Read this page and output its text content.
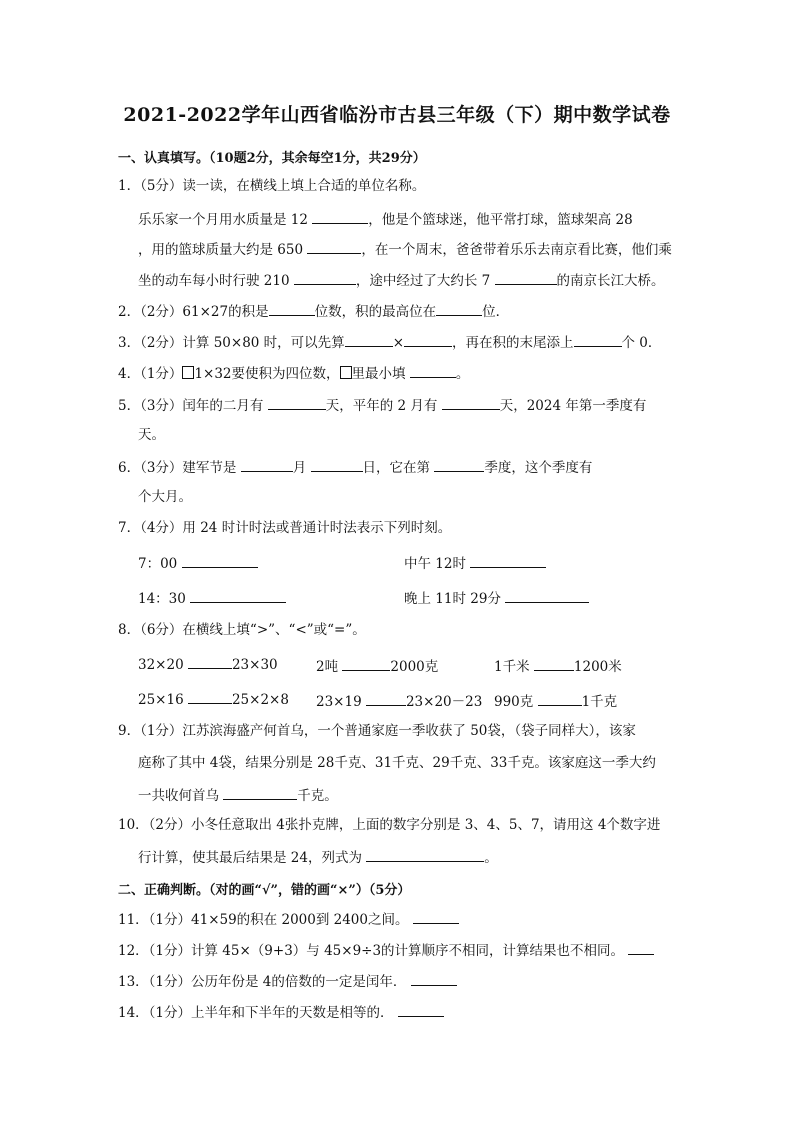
2021-2022学年山西省临汾市古县三年级（下）期中数学试卷
一、认真填写。（10题2分，其余每空1分，共29分）
1．（5分）读一读，在横线上填上合适的单位名称。
乐乐家一个月用水质量是 12	，他是个篮球迷，他平常打球，篮球架高 28
，用的篮球质量大约是 650	，在一个周末，爸爸带着乐乐去南京看比赛，他们乘
坐的动车每小时行驶 210	，途中经过了大约长 7	的南京长江大桥。
2．（2分）61×27的积是	位数，积的最高位在	位．
3．（2分）计算 50×80 时，可以先算	×	，再在积的末尾添上	个 0．
4．（1分） 1×32要使积为四位数， 里最小填	。
5．（3分）闰年的二月有	天，平年的 2 月有	天，2024 年第一季度有
天。
6．（3分）建军节是	月	日，它在第	季度，这个季度有
个大月。
7．（4分）用 24 时计时法或普通计时法表示下列时刻。
7：00	中午 12时
14：30	晚上 11时 29分
8．（6分）在横线上填“>”、“<”或“=”。
32×20	23×30	2吨	2000克	1千米	1200米
25×16	25×2×8 23×19	23×20－23 990克	1千克
9．（1分）江苏滨海盛产何首乌，一个普通家庭一季收获了 50袋，（袋子同样大），该家
庭称了其中 4袋，结果分别是 28千克、31千克、29千克、33千克。该家庭这一季大约
一共收何首乌	千克。
10．（2分）小冬任意取出 4张扑克牌，上面的数字分别是 3、4、5、7，请用这 4个数字进
行计算，使其最后结果是 24，列式为	。
二、正确判断。（对的画“√”，错的画“×”）（5分）
11．（1分）41×59的积在 2000到 2400之间。
12．（1分）计算 45×（9+3）与 45×9÷3的计算顺序不相同，计算结果也不相同。
13．（1分）公历年份是 4的倍数的一定是闰年．
14．（1分）上半年和下半年的天数是相等的．
